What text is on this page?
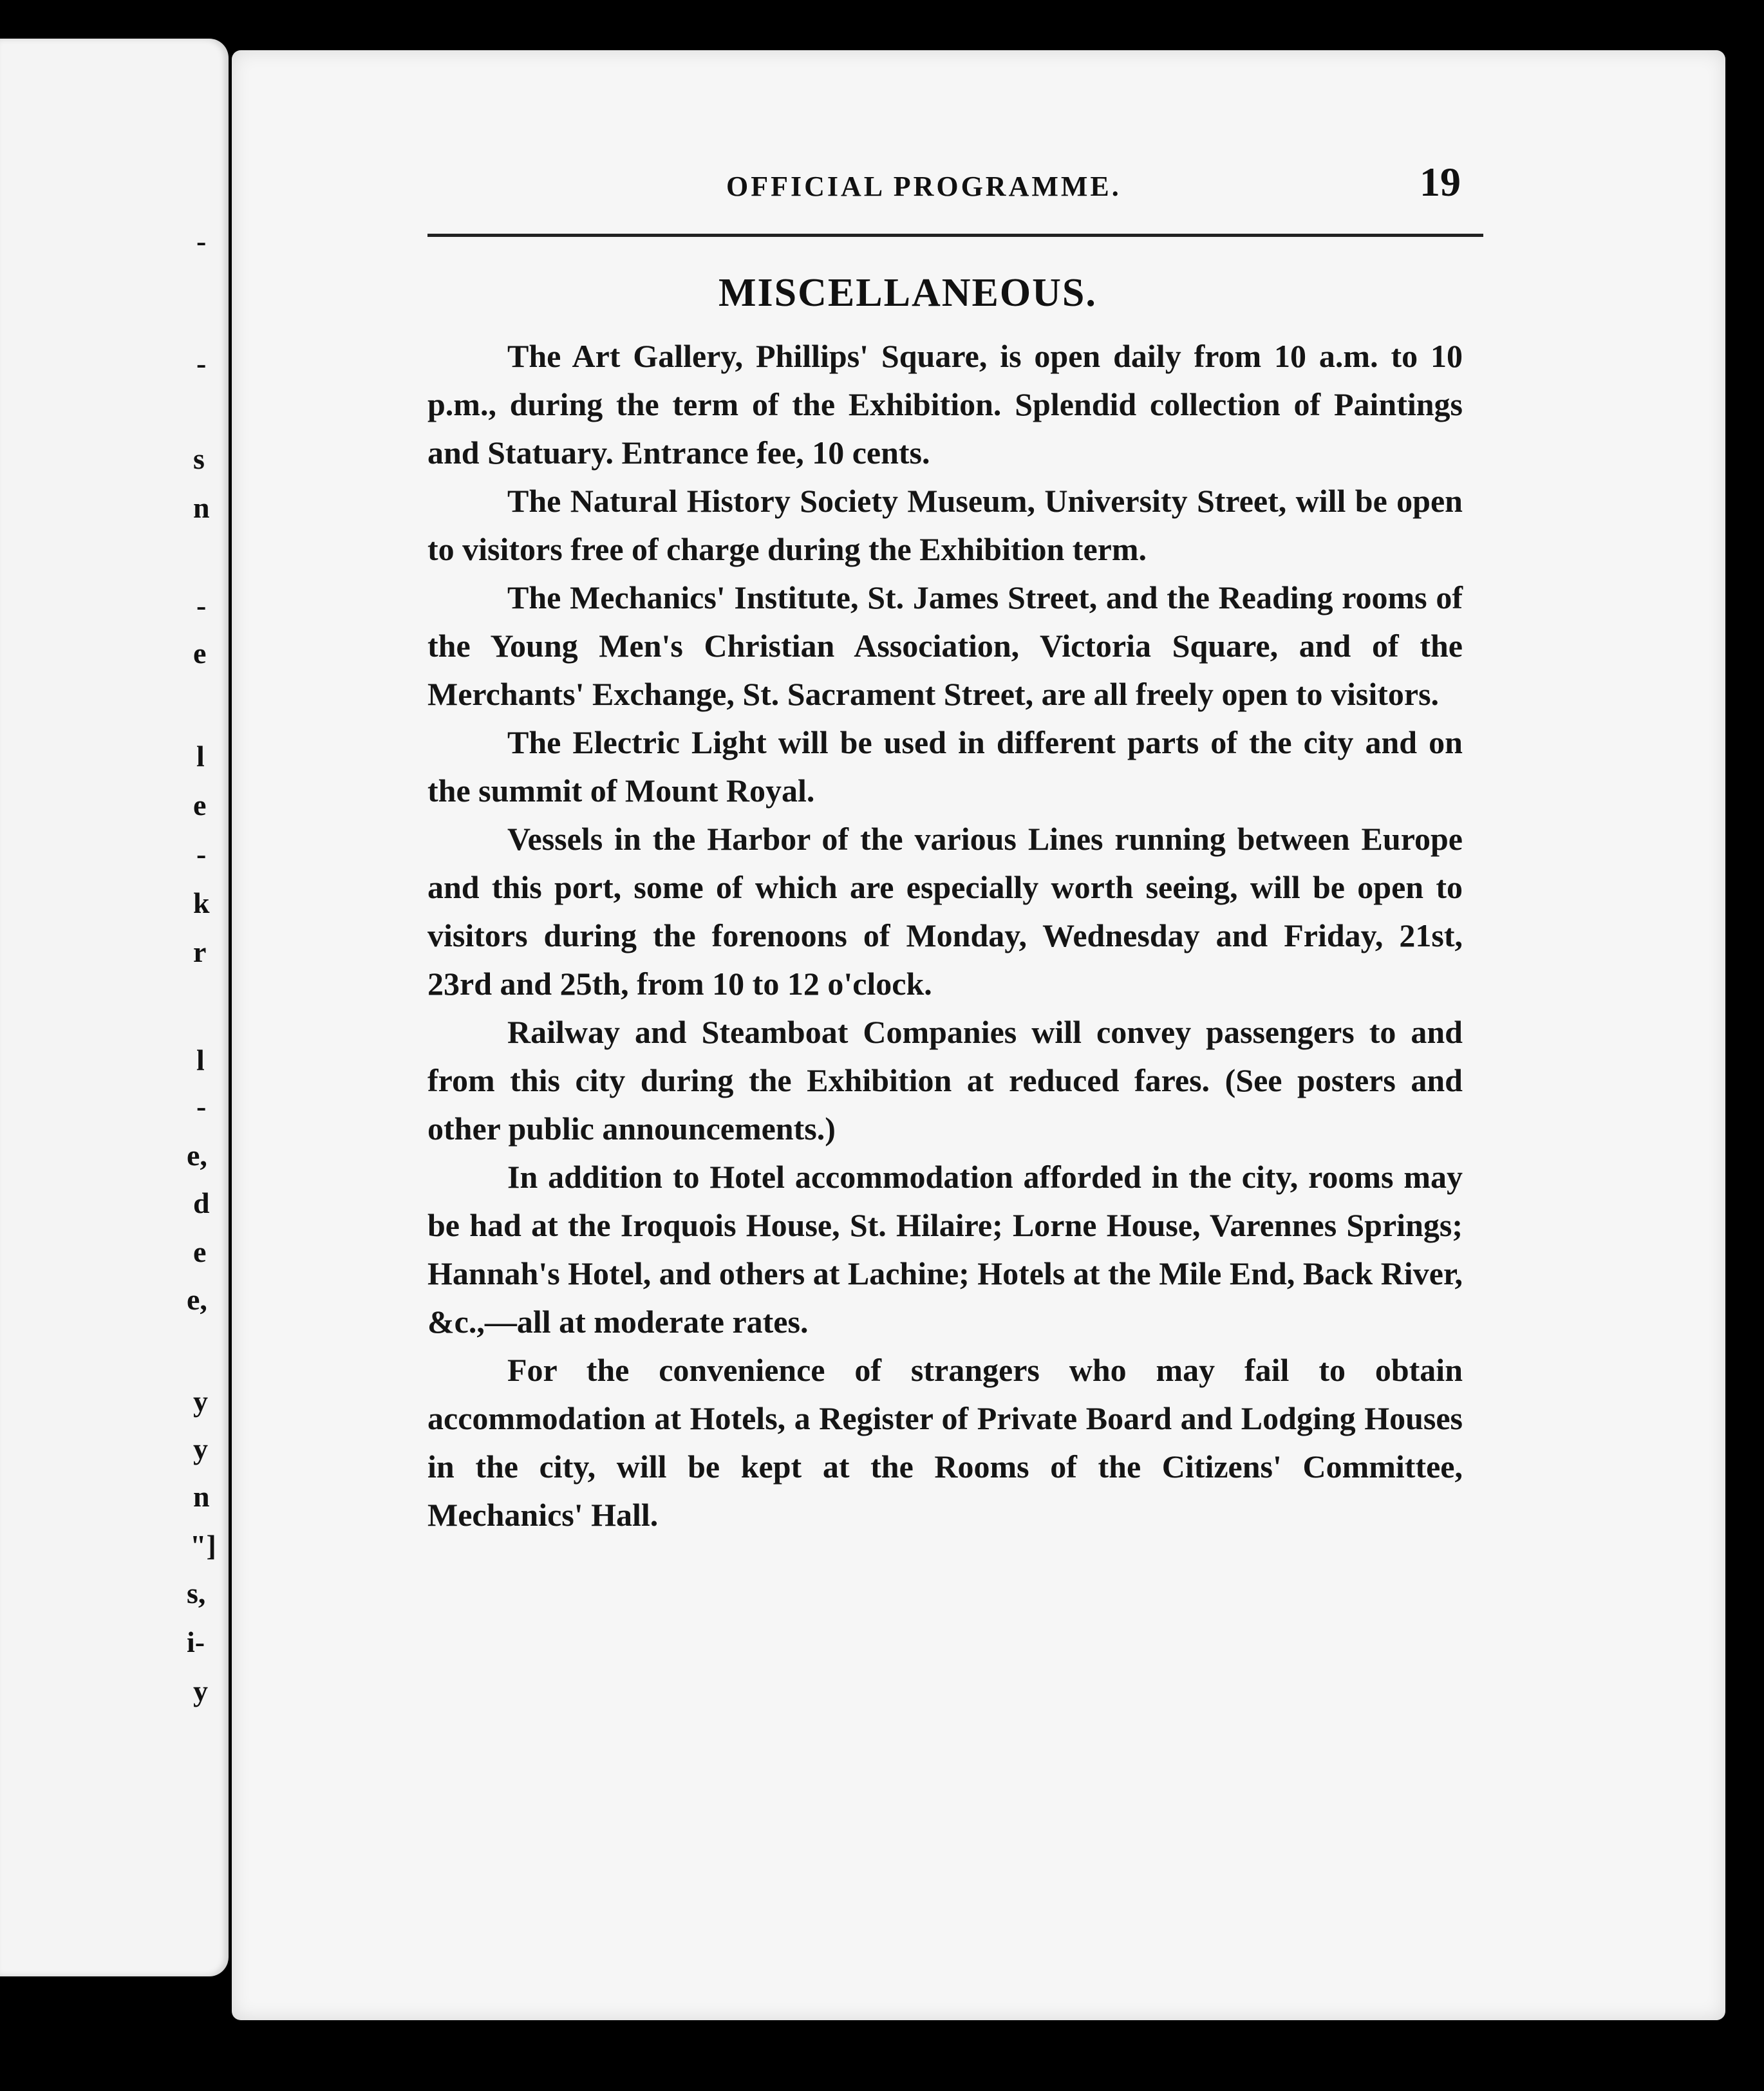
-
-
s
n
-
e
l
e
-
k
r
l
-
e,
d
e
e,
y
y
n
"]
s,
i-
y
OFFICIAL PROGRAMME.	19
MISCELLANEOUS.

The Art Gallery, Phillips' Square, is open daily from 10 a.m. to 10 p.m., during the term of the Exhibition. Splendid collection of Paintings and Statuary. Entrance fee, 10 cents.

The Natural History Society Museum, University Street, will be open to visitors free of charge during the Exhibition term.

The Mechanics' Institute, St. James Street, and the Reading rooms of the Young Men's Christian Association, Victoria Square, and of the Merchants' Exchange, St. Sacrament Street, are all freely open to visitors.

The Electric Light will be used in different parts of the city and on the summit of Mount Royal.

Vessels in the Harbor of the various Lines running between Europe and this port, some of which are especially worth seeing, will be open to visitors during the forenoons of Monday, Wednesday and Friday, 21st, 23rd and 25th, from 10 to 12 o'clock.

Railway and Steamboat Companies will convey passengers to and from this city during the Exhibition at reduced fares. (See posters and other public announcements.)

In addition to Hotel accommodation afforded in the city, rooms may be had at the Iroquois House, St. Hilaire; Lorne House, Varennes Springs; Hannah's Hotel, and others at Lachine; Hotels at the Mile End, Back River, &c.,—all at moderate rates.

For the convenience of strangers who may fail to obtain accommodation at Hotels, a Register of Private Board and Lodging Houses in the city, will be kept at the Rooms of the Citizens' Committee, Mechanics' Hall.
